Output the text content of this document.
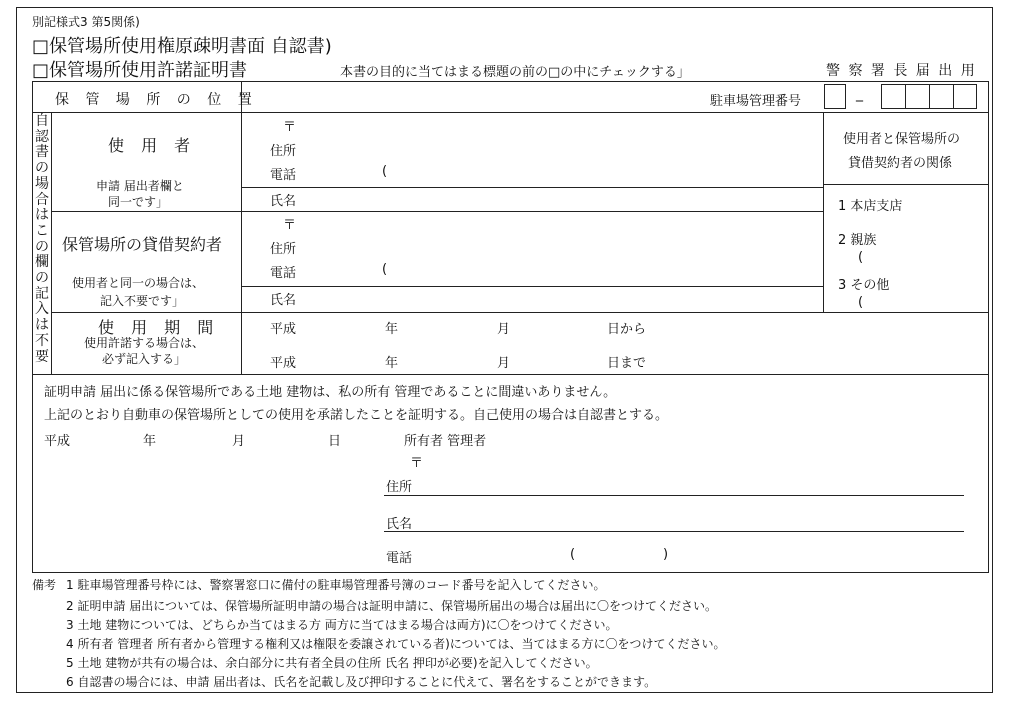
別記様式3 第5関係)
□保管場所使用権原疎明書面 自認書)
□保管場所使用許諾証明書	本書の目的に当てはまる標題の前の□の中にチェックする」	警 察 署 長 届 出 用
保 管 場 所 の 位 置	駐車場管理番号	_
自認書の場合はこの欄の記入は不要
使用者と保管場所の
貸借契約者の関係
1 本店支店
2 親族
(
3 その他
(
使 用 者
申請 届出者欄と
同一です」
〒
住所
電話	(
氏名
保管場所の貸借契約者
使用者と同一の場合は、
記入不要です」
〒
住所
電話	(
氏名
使 用 期 間
使用許諾する場合は、
必ず記入する」
平成	年	月	日から
平成	年	月	日まで
証明申請 届出に係る保管場所である土地 建物は、私の所有 管理であることに間違いありません。
上記のとおり自動車の保管場所としての使用を承諾したことを証明する。自己使用の場合は自認書とする。
平成	年	月	日	所有者 管理者
〒
住所
氏名
電話	(	)
備考 1 駐車場管理番号枠には、警察署窓口に備付の駐車場管理番号簿のコード番号を記入してください。
2 証明申請 届出については、保管場所証明申請の場合は証明申請に、保管場所届出の場合は届出に〇をつけてください。
3 土地 建物については、どちらか当てはまる方 両方に当てはまる場合は両方)に〇をつけてください。
4 所有者 管理者 所有者から管理する権利又は権限を委譲されている者)については、当てはまる方に〇をつけてください。
5 土地 建物が共有の場合は、余白部分に共有者全員の住所 氏名 押印が必要)を記入してください。
6 自認書の場合には、申請 届出者は、氏名を記載し及び押印することに代えて、署名をすることができます。
